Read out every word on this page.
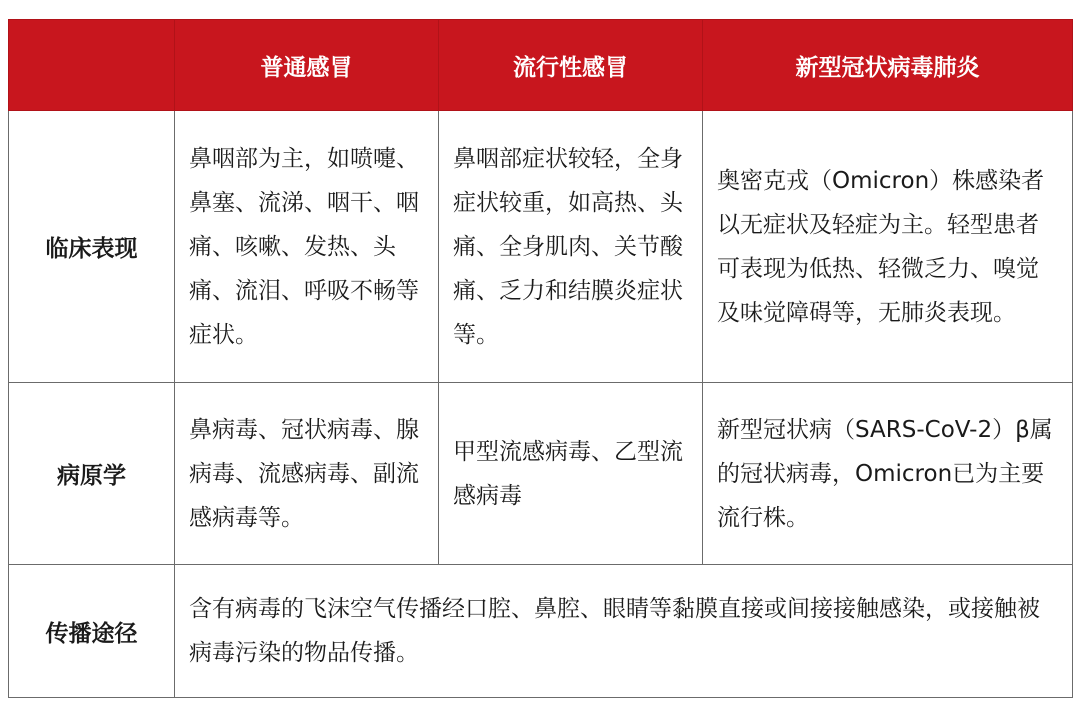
	普通感冒	流行性感冒	新型冠状病毒肺炎
临床表现	鼻咽部为主，如喷嚏、鼻塞、流涕、咽干、咽痛、咳嗽、发热、头痛、流泪、呼吸不畅等症状。	鼻咽部症状较轻，全身症状较重，如高热、头痛、全身肌肉、关节酸痛、乏力和结膜炎症状等。	奥密克戎（Omicron）株感染者以无症状及轻症为主。轻型患者可表现为低热、轻微乏力、嗅觉及味觉障碍等，无肺炎表现。
病原学	鼻病毒、冠状病毒、腺病毒、流感病毒、副流感病毒等。	甲型流感病毒、乙型流感病毒	新型冠状病（SARS-CoV-2）β属的冠状病毒，Omicron已为主要流行株。
传播途径	含有病毒的飞沫空气传播经口腔、鼻腔、眼睛等黏膜直接或间接接触感染，或接触被病毒污染的物品传播。		
